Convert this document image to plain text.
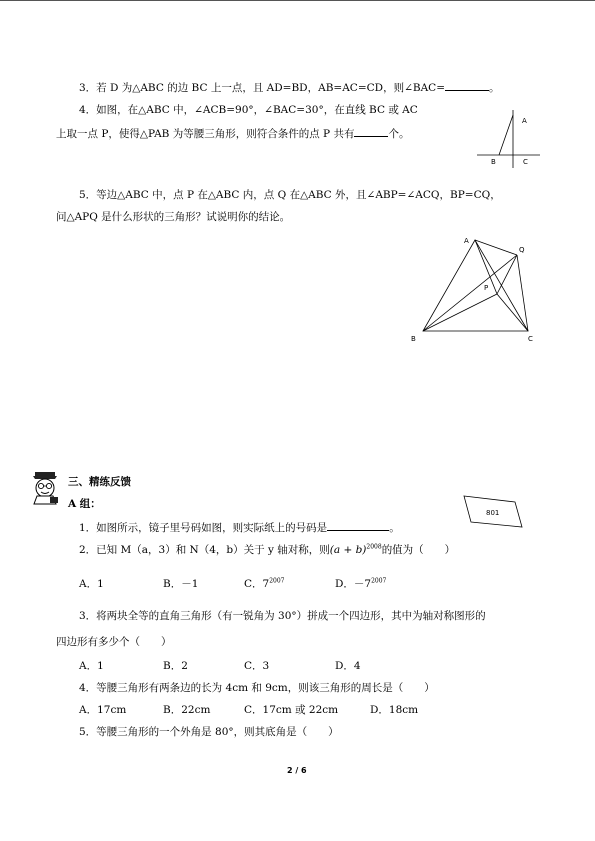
3．若 D 为△ABC 的边 BC 上一点，且 AD=BD，AB=AC=CD，则∠BAC=	。
4．如图，在△ABC 中，∠ACB=90°，∠BAC=30°，在直线 BC 或 AC
上取一点 P，使得△PAB 为等腰三角形，则符合条件的点 P 共有	个。
A
B	C
5．等边△ABC 中，点 P 在△ABC 内，点 Q 在△ABC 外，且∠ABP=∠ACQ，BP=CQ，
问△APQ 是什么形状的三角形？试说明你的结论。
A
Q
P
B	C
三、精练反馈
A 组：
1．如图所示，镜子里号码如图，则实际纸上的号码是	。
801
2．已知 M（a，3）和 N（4，b）关于 y 轴对称，则$(a + b)^{2008}$的值为（　　）
A．1	B．－1	C．$7^{2007}$	D．$-7^{2007}$
3．将两块全等的直角三角形（有一锐角为 30°）拼成一个四边形，其中为轴对称图形的
四边形有多少个（　　）
A．1	B．2	C．3	D．4
4．等腰三角形有两条边的长为 4cm 和 9cm，则该三角形的周长是（　　）
A．17cm	B．22cm	C．17cm 或 22cm	D．18cm
5．等腰三角形的一个外角是 80°，则其底角是（　　）
2 / 6
